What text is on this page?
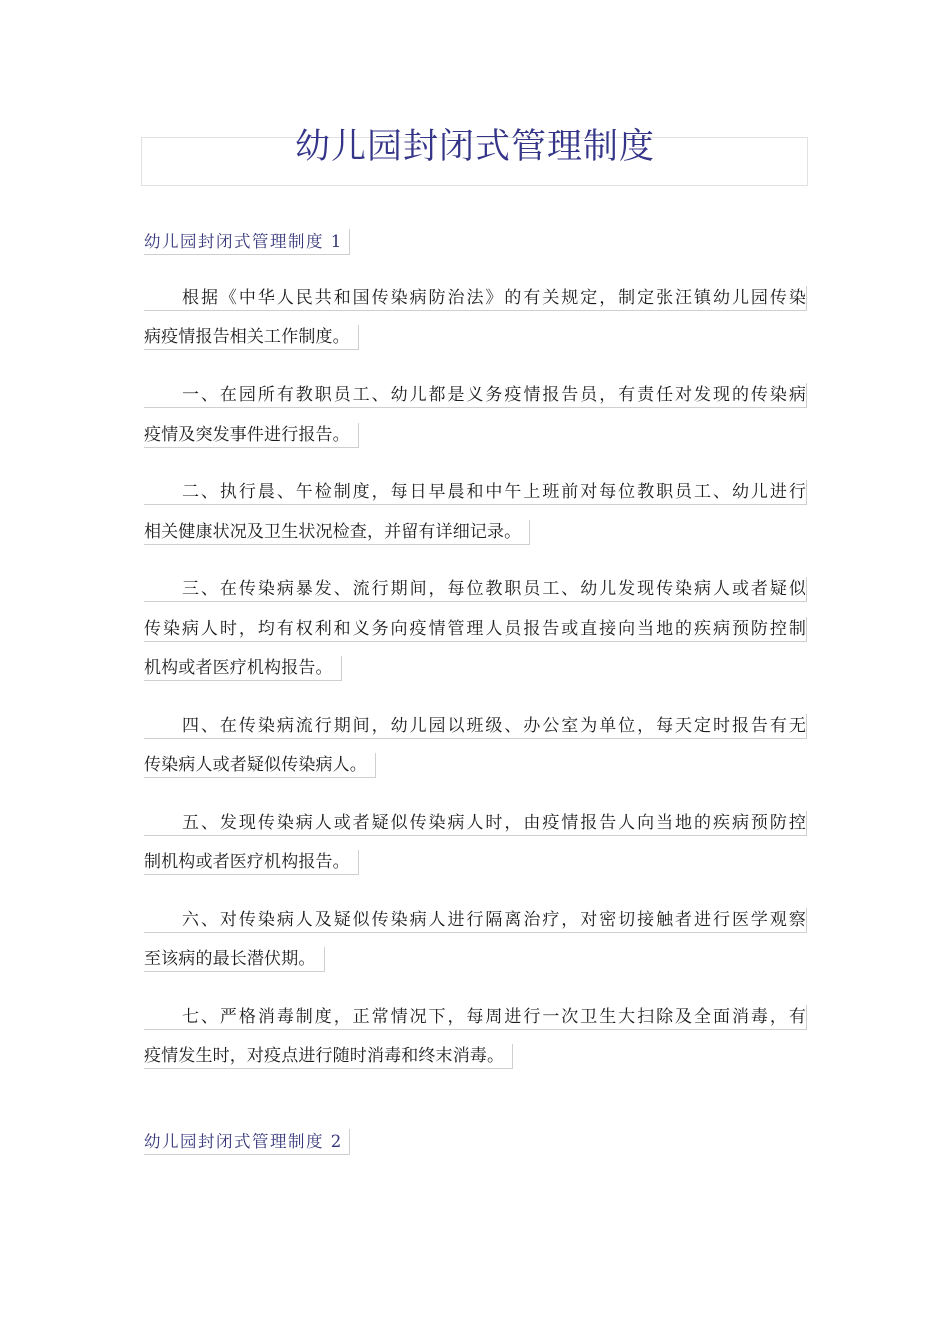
幼儿园封闭式管理制度
幼儿园封闭式管理制度 1
根据《中华人民共和国传染病防治法》的有关规定，制定张汪镇幼儿园传染
病疫情报告相关工作制度。
一、在园所有教职员工、幼儿都是义务疫情报告员，有责任对发现的传染病
疫情及突发事件进行报告。
二、执行晨、午检制度，每日早晨和中午上班前对每位教职员工、幼儿进行
相关健康状况及卫生状况检查，并留有详细记录。
三、在传染病暴发、流行期间，每位教职员工、幼儿发现传染病人或者疑似
传染病人时，均有权利和义务向疫情管理人员报告或直接向当地的疾病预防控制
机构或者医疗机构报告。
四、在传染病流行期间，幼儿园以班级、办公室为单位，每天定时报告有无
传染病人或者疑似传染病人。
五、发现传染病人或者疑似传染病人时，由疫情报告人向当地的疾病预防控
制机构或者医疗机构报告。
六、对传染病人及疑似传染病人进行隔离治疗，对密切接触者进行医学观察
至该病的最长潜伏期。
七、严格消毒制度，正常情况下，每周进行一次卫生大扫除及全面消毒，有
疫情发生时，对疫点进行随时消毒和终末消毒。
幼儿园封闭式管理制度 2
